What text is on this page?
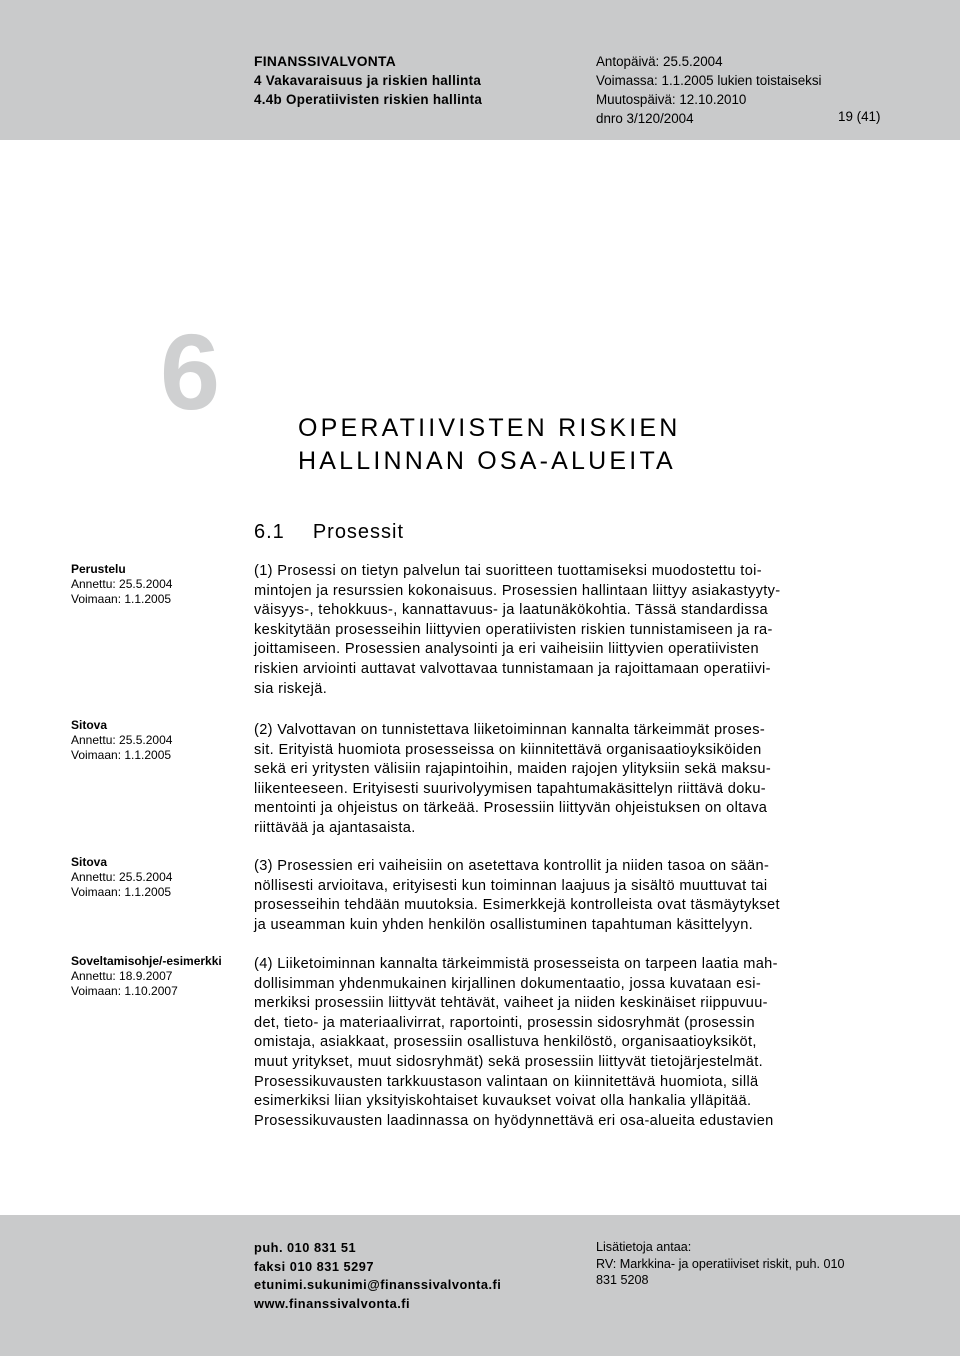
FINANSSIVALVONTA
4 Vakavaraisuus ja riskien hallinta
4.4b Operatiivisten riskien hallinta
Antopäivä: 25.5.2004
Voimassa: 1.1.2005 lukien toistaiseksi
Muutospäivä: 12.10.2010
dnro 3/120/2004	19 (41)
6	OPERATIIVISTEN RISKIEN
HALLINNAN OSA-ALUEITA
6.1 Prosessit
Perustelu
Annettu: 25.5.2004
Voimaan: 1.1.2005
Sitova
Annettu: 25.5.2004
Voimaan: 1.1.2005
Sitova
Annettu: 25.5.2004
Voimaan: 1.1.2005
Soveltamisohje/-esimerkki
Annettu: 18.9.2007
Voimaan: 1.10.2007
(1) Prosessi on tietyn palvelun tai suoritteen tuottamiseksi muodostettu toi-
mintojen ja resurssien kokonaisuus. Prosessien hallintaan liittyy asiakastyyty-
väisyys-, tehokkuus-, kannattavuus- ja laatunäkökohtia. Tässä standardissa
keskitytään prosesseihin liittyvien operatiivisten riskien tunnistamiseen ja ra-
joittamiseen. Prosessien analysointi ja eri vaiheisiin liittyvien operatiivisten
riskien arviointi auttavat valvottavaa tunnistamaan ja rajoittamaan operatiivi-
sia riskejä.
(2) Valvottavan on tunnistettava liiketoiminnan kannalta tärkeimmät proses-
sit. Erityistä huomiota prosesseissa on kiinnitettävä organisaatioyksiköiden
sekä eri yritysten välisiin rajapintoihin, maiden rajojen ylityksiin sekä maksu-
liikenteeseen. Erityisesti suurivolyymisen tapahtumakäsittelyn riittävä doku-
mentointi ja ohjeistus on tärkeää. Prosessiin liittyvän ohjeistuksen on oltava
riittävää ja ajantasaista.
(3) Prosessien eri vaiheisiin on asetettava kontrollit ja niiden tasoa on sään-
nöllisesti arvioitava, erityisesti kun toiminnan laajuus ja sisältö muuttuvat tai
prosesseihin tehdään muutoksia. Esimerkkejä kontrolleista ovat täsmäytykset
ja useamman kuin yhden henkilön osallistuminen tapahtuman käsittelyyn.
(4) Liiketoiminnan kannalta tärkeimmistä prosesseista on tarpeen laatia mah-
dollisimman yhdenmukainen kirjallinen dokumentaatio, jossa kuvataan esi-
merkiksi prosessiin liittyvät tehtävät, vaiheet ja niiden keskinäiset riippuvuu-
det, tieto- ja materiaalivirrat, raportointi, prosessin sidosryhmät (prosessin
omistaja, asiakkaat, prosessiin osallistuva henkilöstö, organisaatioyksiköt,
muut yritykset, muut sidosryhmät) sekä prosessiin liittyvät tietojärjestelmät.
Prosessikuvausten tarkkuustason valintaan on kiinnitettävä huomiota, sillä
esimerkiksi liian yksityiskohtaiset kuvaukset voivat olla hankalia ylläpitää.
Prosessikuvausten laadinnassa on hyödynnettävä eri osa-alueita edustavien
puh. 010 831 51
faksi 010 831 5297
etunimi.sukunimi@finanssivalvonta.fi
www.finanssivalvonta.fi
Lisätietoja antaa:
RV: Markkina- ja operatiiviset riskit, puh. 010
831 5208
